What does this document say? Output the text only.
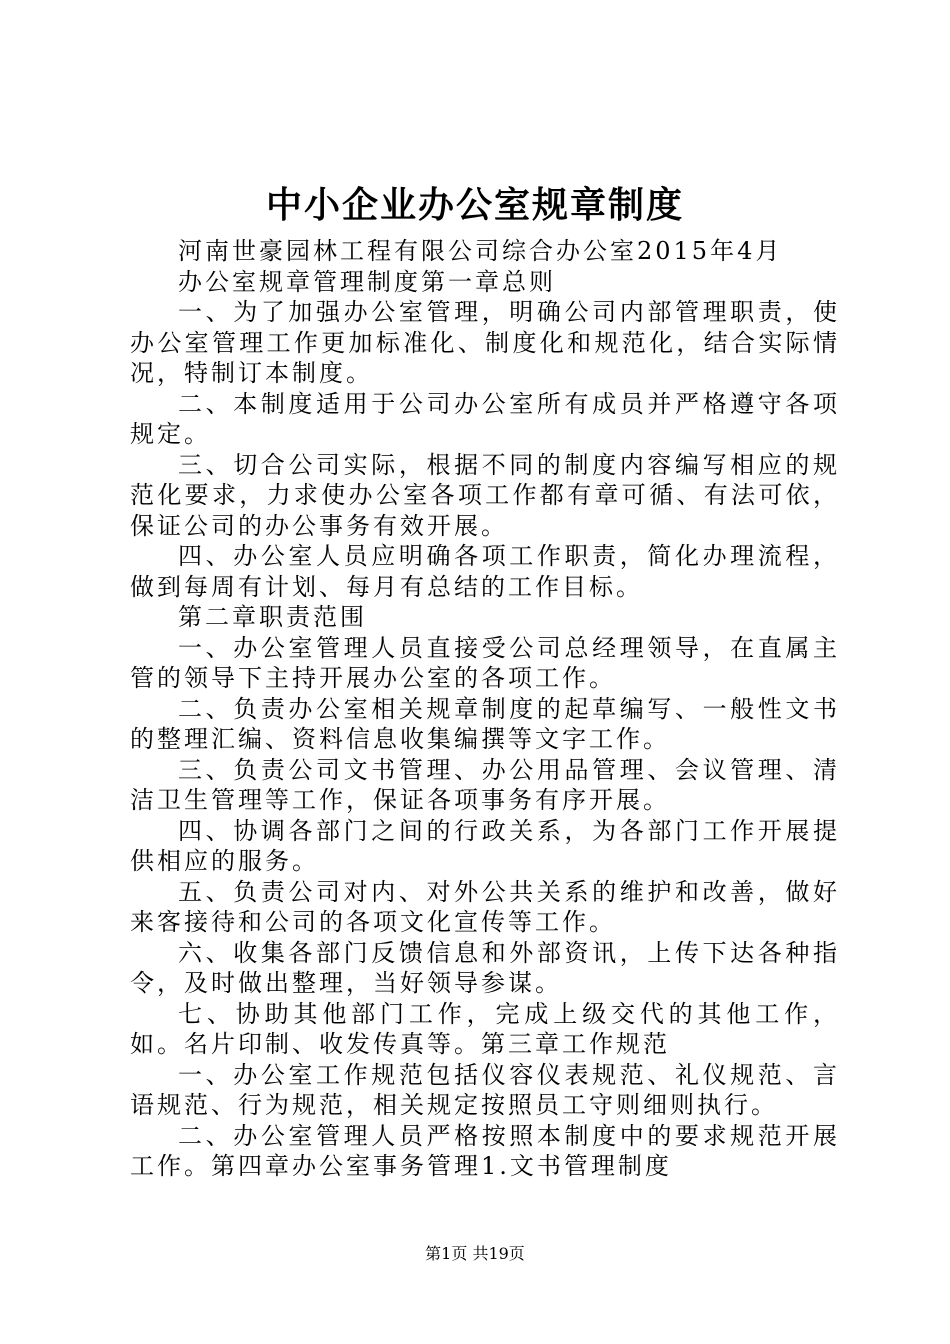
中小企业办公室规章制度

河南世豪园林工程有限公司综合办公室2015年4月

办公室规章管理制度第一章总则

一、为了加强办公室管理，明确公司内部管理职责，使办公室管理工作更加标准化、制度化和规范化，结合实际情况，特制订本制度。

二、本制度适用于公司办公室所有成员并严格遵守各项规定。

三、切合公司实际，根据不同的制度内容编写相应的规范化要求，力求使办公室各项工作都有章可循、有法可依，保证公司的办公事务有效开展。

四、办公室人员应明确各项工作职责，简化办理流程，做到每周有计划、每月有总结的工作目标。

第二章职责范围

一、办公室管理人员直接受公司总经理领导，在直属主管的领导下主持开展办公室的各项工作。

二、负责办公室相关规章制度的起草编写、一般性文书的整理汇编、资料信息收集编撰等文字工作。

三、负责公司文书管理、办公用品管理、会议管理、清洁卫生管理等工作，保证各项事务有序开展。

四、协调各部门之间的行政关系，为各部门工作开展提供相应的服务。

五、负责公司对内、对外公共关系的维护和改善，做好来客接待和公司的各项文化宣传等工作。

六、收集各部门反馈信息和外部资讯，上传下达各种指令，及时做出整理，当好领导参谋。

七、协助其他部门工作，完成上级交代的其他工作，如。名片印制、收发传真等。第三章工作规范

一、办公室工作规范包括仪容仪表规范、礼仪规范、言语规范、行为规范，相关规定按照员工守则细则执行。

二、办公室管理人员严格按照本制度中的要求规范开展工作。第四章办公室事务管理1.文书管理制度

第1页 共19页
